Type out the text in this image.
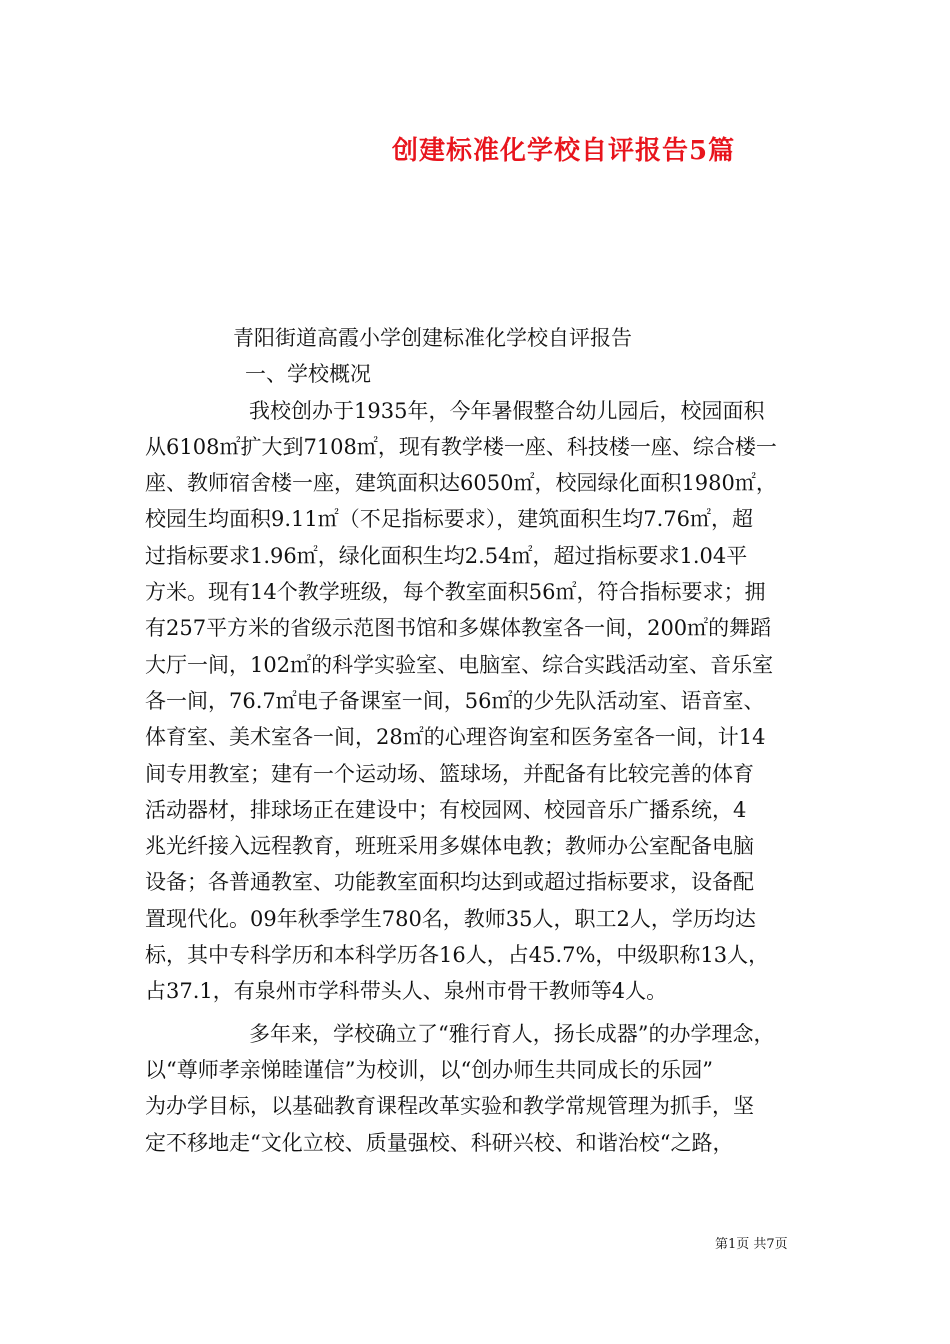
创建标准化学校自评报告5篇
青阳街道高霞小学创建标准化学校自评报告
一、学校概况
我校创办于1935年，今年暑假整合幼儿园后，校园面积
从6108㎡扩大到7108㎡，现有教学楼一座、科技楼一座、综合楼一
座、教师宿舍楼一座，建筑面积达6050㎡，校园绿化面积1980㎡，
校园生均面积9.11㎡（不足指标要求），建筑面积生均7.76㎡，超
过指标要求1.96㎡，绿化面积生均2.54㎡，超过指标要求1.04平
方米。现有14个教学班级，每个教室面积56㎡，符合指标要求；拥
有257平方米的省级示范图书馆和多媒体教室各一间，200㎡的舞蹈
大厅一间，102㎡的科学实验室、电脑室、综合实践活动室、音乐室
各一间，76.7㎡电子备课室一间，56㎡的少先队活动室、语音室、
体育室、美术室各一间，28㎡的心理咨询室和医务室各一间，计14
间专用教室；建有一个运动场、篮球场，并配备有比较完善的体育
活动器材，排球场正在建设中；有校园网、校园音乐广播系统，4
兆光纤接入远程教育，班班采用多媒体电教；教师办公室配备电脑
设备；各普通教室、功能教室面积均达到或超过指标要求，设备配
置现代化。09年秋季学生780名，教师35人，职工2人，学历均达
标，其中专科学历和本科学历各16人，占45.7%，中级职称13人，
占37.1，有泉州市学科带头人、泉州市骨干教师等4人。
多年来，学校确立了“雅行育人，扬长成器”的办学理念，
以“尊师孝亲悌睦谨信”为校训，以“创办师生共同成长的乐园”
为办学目标，以基础教育课程改革实验和教学常规管理为抓手，坚
定不移地走“文化立校、质量强校、科研兴校、和谐治校“之路，
第1页 共7页
